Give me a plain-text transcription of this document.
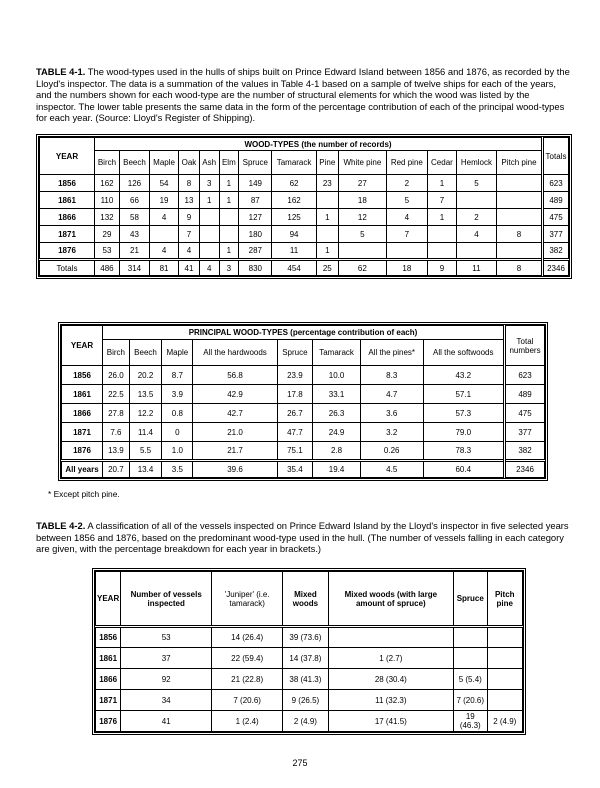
TABLE 4-1. The wood-types used in the hulls of ships built on Prince Edward Island between 1856 and 1876, as recorded by the Lloyd's inspector. The data is a summation of the values in Table 4-1 based on a sample of twelve ships for each of the years, and the numbers shown for each wood-type are the number of structural elements for which the wood was listed by the inspector. The lower table presents the same data in the form of the percentage contribution of each of the principal wood-types for each year. (Source: Lloyd's Register of Shipping).

YEAR	WOOD-TYPES (the number of records)														Totals
	Birch	Beech	Maple	Oak	Ash	Elm	Spruce	Tamarack	Pine	White pine	Red pine	Cedar	Hemlock	Pitch pine	
1856	162	126	54	8	3	1	149	62	23	27	2	1	5		623
1861	110	66	19	13	1	1	87	162		18	5	7			489
1866	132	58	4	9			127	125	1	12	4	1	2		475
1871	29	43		7			180	94		5	7		4	8	377
1876	53	21	4	4		1	287	11	1						382
Totals	486	314	81	41	4	3	830	454	25	62	18	9	11	8	2346
YEAR	PRINCIPAL WOOD-TYPES (percentage contribution of each)								Total numbers
	Birch	Beech	Maple	All the hardwoods	Spruce	Tamarack	All the pines*	All the softwoods	
1856	26.0	20.2	8.7	56.8	23.9	10.0	8.3	43.2	623
1861	22.5	13.5	3.9	42.9	17.8	33.1	4.7	57.1	489
1866	27.8	12.2	0.8	42.7	26.7	26.3	3.6	57.3	475
1871	7.6	11.4	0	21.0	47.7	24.9	3.2	79.0	377
1876	13.9	5.5	1.0	21.7	75.1	2.8	0.26	78.3	382
All years	20.7	13.4	3.5	39.6	35.4	19.4	4.5	60.4	2346

* Except pitch pine.

TABLE 4-2. A classification of all of the vessels inspected on Prince Edward Island by the Lloyd's inspector in five selected years between 1856 and 1876, based on the predominant wood-type used in the hull. (The number of vessels falling in each category are given, with the percentage breakdown for each year in brackets.)

YEAR	Number of vessels inspected	'Juniper' (i.e. tamarack)	Mixed woods	Mixed woods (with large amount of spruce)	Spruce	Pitch pine
1856	53	14 (26.4)	39 (73.6)			
1861	37	22 (59.4)	14 (37.8)	1 (2.7)		
1866	92	21 (22.8)	38 (41.3)	28 (30.4)	5 (5.4)	
1871	34	7 (20.6)	9 (26.5)	11 (32.3)	7 (20.6)	
1876	41	1 (2.4)	2 (4.9)	17 (41.5)	19 (46.3)	2 (4.9)

275
